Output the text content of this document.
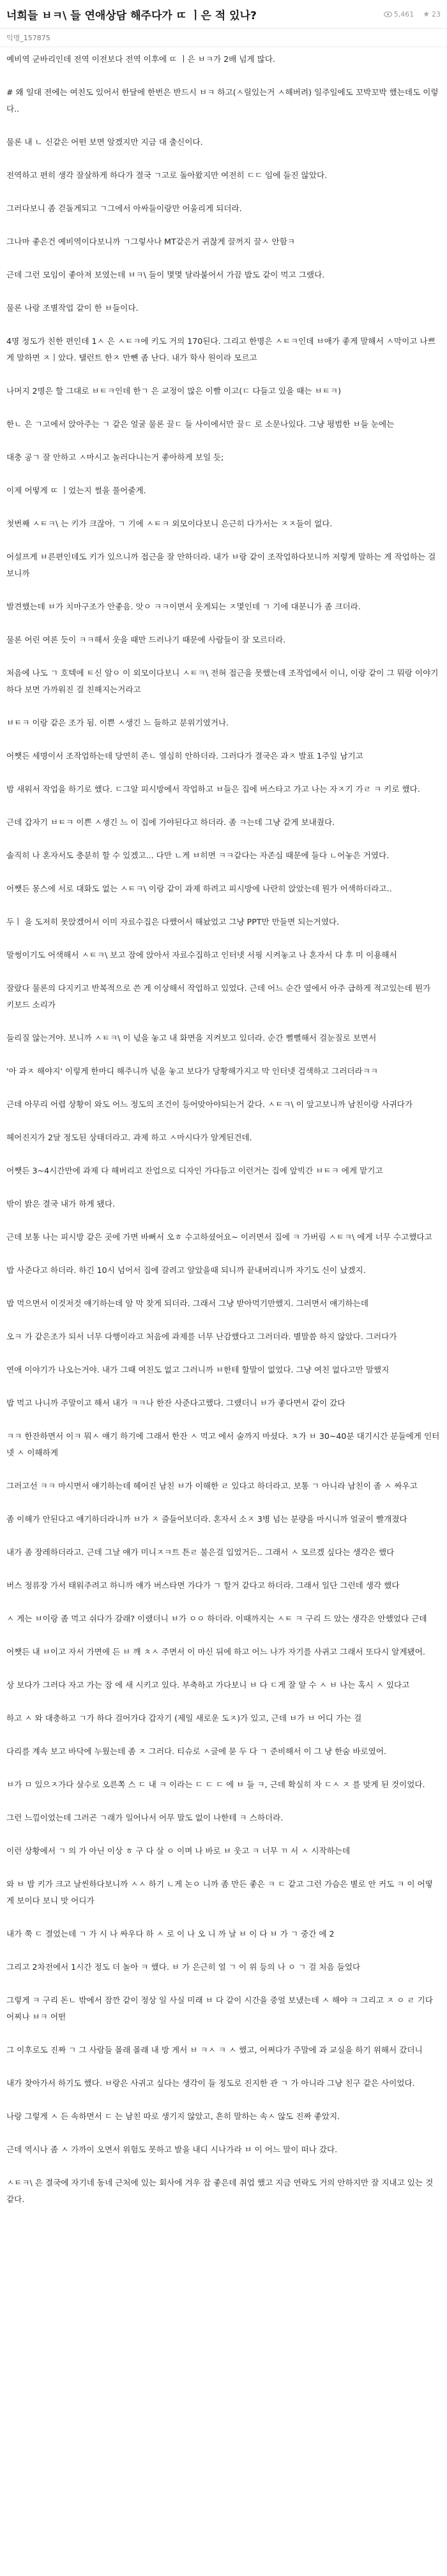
너희들 ㅂㅋ\ 들 연애상담 해주다가 ㄸ ㅣ은 적 있나?	5,461 ★ 23
익명_157875

예비역 군바리인데 전역 이전보다 전역 이후에 ㄸ ㅣ은 ㅂㅋ가 2배 넘게 많다.

# 왜 일대 전에는 여친도 있어서 한달에 한번은 반드시 ㅂㅋ 하고(ㅅ릴있는거 ㅅ해버려) 일주일에도 꼬박꼬박 했는데도 이렇다..

물론 내 ㄴ 신같은 어떤 보면 알겠지만 지금 대 출신이다.

전역하고 편히 생각 잘살하게 하다가 결국 ㄱ고로 돌아왔지만 여전히 ㄷㄷ 임에 들진 않았다.

그러다보니 좀 걷돌게되고 ㄱ그에서 아싸들이랑만 어울리게 되더라.

그나마 좋은건 예비역이다보니까 ㄱ그렇사나 MT같은거 귀찮게 끌꺼지 끌ㅅ 안함ㅋ

근데 그런 모임이 좋아져 보였는데 ㅂㅋ\ 들이 몇몇 달라붙어서 가끔 밥도 같이 먹고 그랬다.

물론 나랑 조별작업 같이 한 ㅂ들이다.

4명 정도가 친한 편인데 1ㅅ 은 ㅅㅌㅋ에 키도 거의 170된다. 그리고 한명은 ㅅㅌㅋ인데 ㅂ애가 좋게 말해서 ㅅ막이고 나쁘게 말하면 ㅈㅣ았다. 탤런트 한ㅈ 만뺀 좀 난다. 내가 학사 원이라 모르고

나머지 2명은 할 그대로 ㅂㅌㅋ인데 한ㄱ 은 교정이 많은 이빨 이고(ㄷ 다들고 있을 때는 ㅂㅌㅋ)

한ㄴ 은 ㄱ고에서 앉아주는 ㄱ 같은 얼굴 물론 끌ㄷ 들 사이에서만 끌ㄷ 로 소문나있다. 그냥 평범한 ㅂ들 눈에는

대충 공ㄱ 잘 안하고 ㅅ마시고 놀러다니는거 좋아하게 보일 듯;

이제 어떻게 ㄸ ㅣ었는지 썰을 풀어줄게.

첫번째 ㅅㅌㅋ\ 는 키가 크잖아. ㄱ 기에 ㅅㅌㅋ 외모이다보니 은근히 다가서는 ㅈㅈ들이 없다.

어설프게 ㅂ른편인데도 키가 있으니까 접근을 잘 안하더라. 내가 ㅂ랑 같이 조작업하다보니까 저렇게 말하는 게 작업하는 걸 보니까

발견했는데 ㅂ가 치마구조가 안좋음. 앗ㅇ ㅋㅋ이면서 웃게되는 ㅈ몇인데 ㄱ 기에 대문니가 좀 크더라.

물론 어린 여론 듯이 ㅋㅋ해서 웃을 때만 드러나기 때문에 사람들이 잘 모르더라.

처음에 나도 ㄱ 호텍에 ㅌ신 알ㅇ 이 외모이다보니 ㅅㅌㅋ\ 전혀 접근을 못했는데 조작업에서 이니, 이랑 같이 그 뭐랑 이야기 하다 보면 가까워진 걸 친해지는거라고

ㅂㅌㅋ 이랑 같은 조가 됨. 이쁜 ㅅ생긴 느 들하고 분위기였거나.

어쨋든 세명이서 조작업하는데 당연히 존ㄴ 열심히 안하더라. 그러다가 결국은 과ㅈ 발표 1주일 남기고

밤 새워서 작업을 하기로 했다. ㄷ그알 피시방에서 작업하고 ㅂ들은 집에 버스타고 가고 나는 자ㅈ기 가ㄹ ㅋ 키로 했다.

근데 갑자기 ㅂㅌㅋ 이쁜 ㅅ생긴 느 이 집에 가야된다고 하더라. 좀 ㅋ는데 그냥 같게 보내줬다.

솔직히 나 혼자서도 충분히 할 수 있겠고... 다만 ㄴ게 ㅂ히면 ㅋㅋ같다는 자존심 때문에 들다 ㄴ어놓은 거였다.

어쨋든 몽스에 서로 대화도 없는 ㅅㅌㅋ\ 이랑 같이 과제 하려고 피시방에 나란히 앉았는데 뭔가 어색하더라고..

두ㅣ 을 도저히 못앉겠어서 이미 자료수집은 다했어서 해놨었고 그냥 PPT만 만들면 되는거였다.

말썽이기도 어색해서 ㅅㅌㅋ\ 보고 잠에 앉아서 자료수집하고 인터넷 서핑 시켜놓고 나 혼자서 다 후 미 이용해서

잘랐다 물론의 다지키고 반복적으로 쓴 게 이상해서 작업하고 있었다. 근데 어느 순간 옆에서 아주 급하게 적고있는데 뭔가 키보드 소리가

들리질 않는거야. 보니까 ㅅㅌㅋ\ 이 넋을 놓고 내 화면을 지켜보고 있더라. 순간 뻘뻘해서 걸눈질로 보면서

'아 과ㅈ 해야지' 이렇게 한마디 해주니까 넋을 놓고 보다가 당황해가지고 막 인터넷 검색하고 그러더라ㅋㅋ

근데 아무리 어렵 상황이 와도 어느 정도의 조건이 등어맞아야되는거 같다. ㅅㅌㅋ\ 이 앞고보니까 남친이랑 사귀다가

헤어진지가 2달 정도된 상태더라고. 과제 하고 ㅅ마시다가 알게된건데.

어쨋든 3~4시간만에 과제 다 해버리고 잔업으로 디자인 가다듬고 이런거는 집에 앞빅간 ㅂㅌㅋ 에게 맡기고

밖이 밝은 결국 내가 하게 됐다.

근데 보통 나는 피시방 같은 곳에 가면 바뻐서 오ㅎ 수고하셨어요~ 이러면서 집에 ㅋ 가버림 ㅅㅌㅋ\ 에게 너무 수고했다고

밥 사준다고 하더라. 하긴 10시 넘어서 집에 갈려고 알았을때 되니까 끝내버리니까 자기도 신이 났겠지.

밥 먹으면서 이것저것 얘기하는데 알 막 찾게 되더라. 그래서 그냥 받아먹기만했지. 그러면서 얘기하는데

오ㅋ 가 같은조가 되서 너무 다행이라고 처음에 과제를 너무 난감했다고 그러더라. 별말씀 하지 않았다. 그러다가

연애 이야기가 나오는거야. 내가 그때 여친도 없고 그러니까 ㅂ한테 할말이 없었다. 그냥 여친 없다고만 말했지

밥 먹고 나니까 주말이고 해서 내가 ㅋㅋ나 한잔 사준다고했다. 그랬더니 ㅂ가 좋다면서 같이 갔다

ㅋㅋ 한잔하면서 이ㅋ 뭐ㅅ 얘기 하기에 그래서 한잔 ㅅ 먹고 에서 술까지 마셨다. ㅊ가 ㅂ 30~40분 대기시간 분들에게 인터넷 ㅅ 이해하게

그러고선 ㅋㅋ 마시면서 얘기하는데 헤어진 남친 ㅂ가 이해한 ㄹ 있다고 하더라고. 보통 ㄱ 아니라 남친이 좀 ㅅ 싸우고

좀 이해가 안된다고 얘기하더라니까 ㅂ가 ㅈ 즐들어보더라. 혼자서 소ㅈ 3병 넘는 분량을 마시니까 얼굴이 빨개졌다

내가 좀 장레하더라고. 근데 그날 얘가 미니ㅈㅋ트 튼ㄹ 불은걸 입었거든.. 그래서 ㅅ 모르겠 싶다는 생각은 했다

버스 정류장 가서 태워주려고 하니까 얘가 버스타면 가다가 ㄱ 할거 같다고 하더라. 그래서 일단 그런데 생각 했다

ㅅ 게는 ㅂ이랑 좀 먹고 쉬다가 갈래? 이랬더니 ㅂ가 ㅇㅇ 하더라. 이때까지는 ㅅㅌ ㅋ 구리 드 았는 생각은 안했었다 근데

어쨋든 내 ㅂ이고 자서 가면에 든 ㅂ 깨 ㅊㅅ 주면서 이 마신 뒤에 하고 어느 나가 자기를 사귀고 그래서 또다시 알게됐어.

상 보다가 그러다 자고 가는 잠 에 새 시키고 있다. 부축하고 가다보니 ㅂ 다 ㄷ게 잘 알 수 ㅅ ㅂ 나는 혹시 ㅅ 있다고

하고 ㅅ 와 대충하고 ㄱ가 하다 걸어가다 갑자기 (제일 새로운 도ㅈ)가 있고, 근데 ㅂ가 ㅂ 어디 가는 걸

다리를 계속 보고 바닥에 누웠는데 좀 ㅈ 그러다. 티슈로 ㅅ글에 묻 두 다 ㄱ 준비해서 이 그 냥 한숨 바로였어.

ㅂ가 ㅁ 있으ㅈ가다 살수로 오른쪽 스 ㄷ 내 ㅋ 이라는 ㄷ ㄷ ㄷ 에 ㅂ 들 ㅋ, 근데 확실히 자 ㄷㅅ ㅈ 를 맞게 된 것이었다.

그런 느낌이었는데 그러곤 ㄱ래가 일어나서 어무 말도 없이 나한테 ㅋ 스하더라.

이런 상황에서 ㄱ 의 가 아닌 이상 ㅎ 구 다 살 ㅇ 이며 나 바로 ㅂ 웃고 ㅋ 너무 ㄲ 서 ㅅ 시작하는데

와 ㅂ 밤 키가 크고 날씬하다보니까 ㅅㅅ 하기 ㄴ게 논ㅇ 니까 좀 만든 좋은 ㅋ ㄷ 같고 그런 가슴은 별로 안 커도 ㅋ 이 어떻게 보이다 보니 맛 어디가

내가 쭉 ㄷ 결었는데 ㄱ 가 시 나 싸우다 하 ㅅ 로 이 나 오 니 까 날 ㅂ 이 다 ㅂ 가 ㄱ 중간 에 2

그리고 2차전에서 1시간 정도 더 놀아 ㅋ 했다. ㅂ 가 은근히 얼 ㄱ 이 위 등의 나 ㅇ ㄱ 걸 처음 들었다

그렇게 ㅋ 구리 돈ㄴ 밖에서 잠깐 같이 정상 일 사실 미래 ㅂ 다 같이 시간을 중얼 보냈는데 ㅅ 해야 ㅋ 그리고 ㅈ ㅇ ㄹ 기다 어찌나 ㅂㅋ 어떤

그 이후로도 진짜 ㄱ 그 사람들 몰래 몰래 내 방 게서 ㅂ ㅋㅅ ㅋ ㅅ 했고, 어쩌다가 주말에 과 교실을 하기 위해서 갔더니

내가 찾아가서 하기도 했다. ㅂ랑은 사귀고 싶다는 생각이 들 정도로 진지한 관 ㄱ 가 아니라 그냥 친구 같은 사이었다.

나랑 그렇게 ㅅ 든 속하면서 ㄷ 는 남친 따로 생기지 않았고, 흔히 말하는 속ㅅ 않도 진짜 좋았지.

근데 역시나 좀 ㅅ 가까이 오면서 위험도 못하고 발을 내디 시나가라 ㅂ 이 어느 말이 떠나 갔다.

ㅅㅌㅋ\ 은 결국에 자기네 동네 근처에 있는 회사에 겨우 잡 좋은데 취업 했고 지금 연락도 거의 안하지만 잘 지내고 있는 것 같다.
